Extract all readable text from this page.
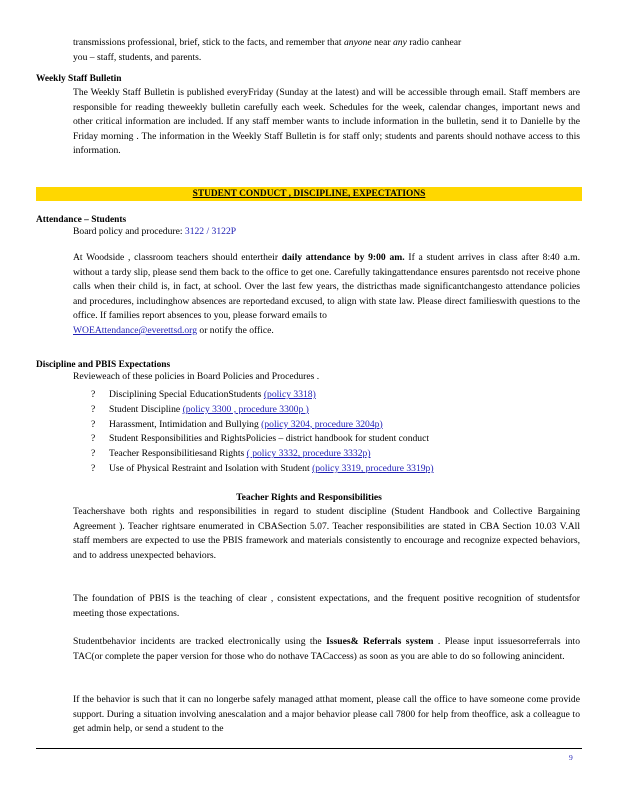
transmissions professional, brief, stick to the facts, and remember that anyone near any radio canhear
you – staff, students, and parents.
Weekly Staff Bulletin
The Weekly Staff Bulletin is published everyFriday (Sunday at the latest) and will be accessible through email. Staff members are responsible for reading theweekly bulletin carefully each week. Schedules for the week, calendar changes, important news and other critical information are included. If any staff member wants to include information in the bulletin, send it to Danielle by the Friday morning . The information in the Weekly Staff Bulletin is for staff only; students and parents should nothave access to this information.
STUDENT CONDUCT , DISCIPLINE, EXPECTATIONS
Attendance – Students
Board policy and procedure: 3122 / 3122P
At Woodside , classroom teachers should entertheir daily attendance by 9:00 am. If a student arrives in class after 8:40 a.m. without a tardy slip, please send them back to the office to get one. Carefully takingattendance ensures parentsdo not receive phone calls when their child is, in fact, at school. Over the last few years, the districthas made significantchangesto attendance policies and procedures, includinghow absences are reportedand excused, to align with state law. Please direct familieswith questions to the office. If families report absences to you, please forward emails to
WOEAttendance@everettsd.org or notify the office.
Discipline and PBIS Expectations
Revieweach of these policies in Board Policies and Procedures .
? Disciplining Special EducationStudents (policy 3318)
? Student Discipline (policy 3300 , procedure 3300p )
? Harassment, Intimidation and Bullying (policy 3204, procedure 3204p)
? Student Responsibilities and RightsPolicies – district handbook for student conduct
? Teacher Responsibilitiesand Rights ( policy 3332, procedure 3332p)
? Use of Physical Restraint and Isolation with Student (policy 3319, procedure 3319p)
Teacher Rights and Responsibilities
Teachershave both rights and responsibilities in regard to student discipline (Student Handbook and Collective Bargaining Agreement ). Teacher rightsare enumerated in CBASection 5.07. Teacher responsibilities are stated in CBA Section 10.03 V.All staff members are expected to use the PBIS framework and materials consistently to encourage and recognize expected behaviors, and to address unexpected behaviors.
The foundation of PBIS is the teaching of clear , consistent expectations, and the frequent positive recognition of studentsfor meeting those expectations.
Studentbehavior incidents are tracked electronically using the Issues& Referrals system . Please input issuesorreferrals into TAC(or complete the paper version for those who do nothave TACaccess) as soon as you are able to do so following anincident.
If the behavior is such that it can no longerbe safely managed atthat moment, please call the office to have someone come provide support. During a situation involving anescalation and a major behavior please call 7800 for help from theoffice, ask a colleague to get admin help, or send a student to the
9
